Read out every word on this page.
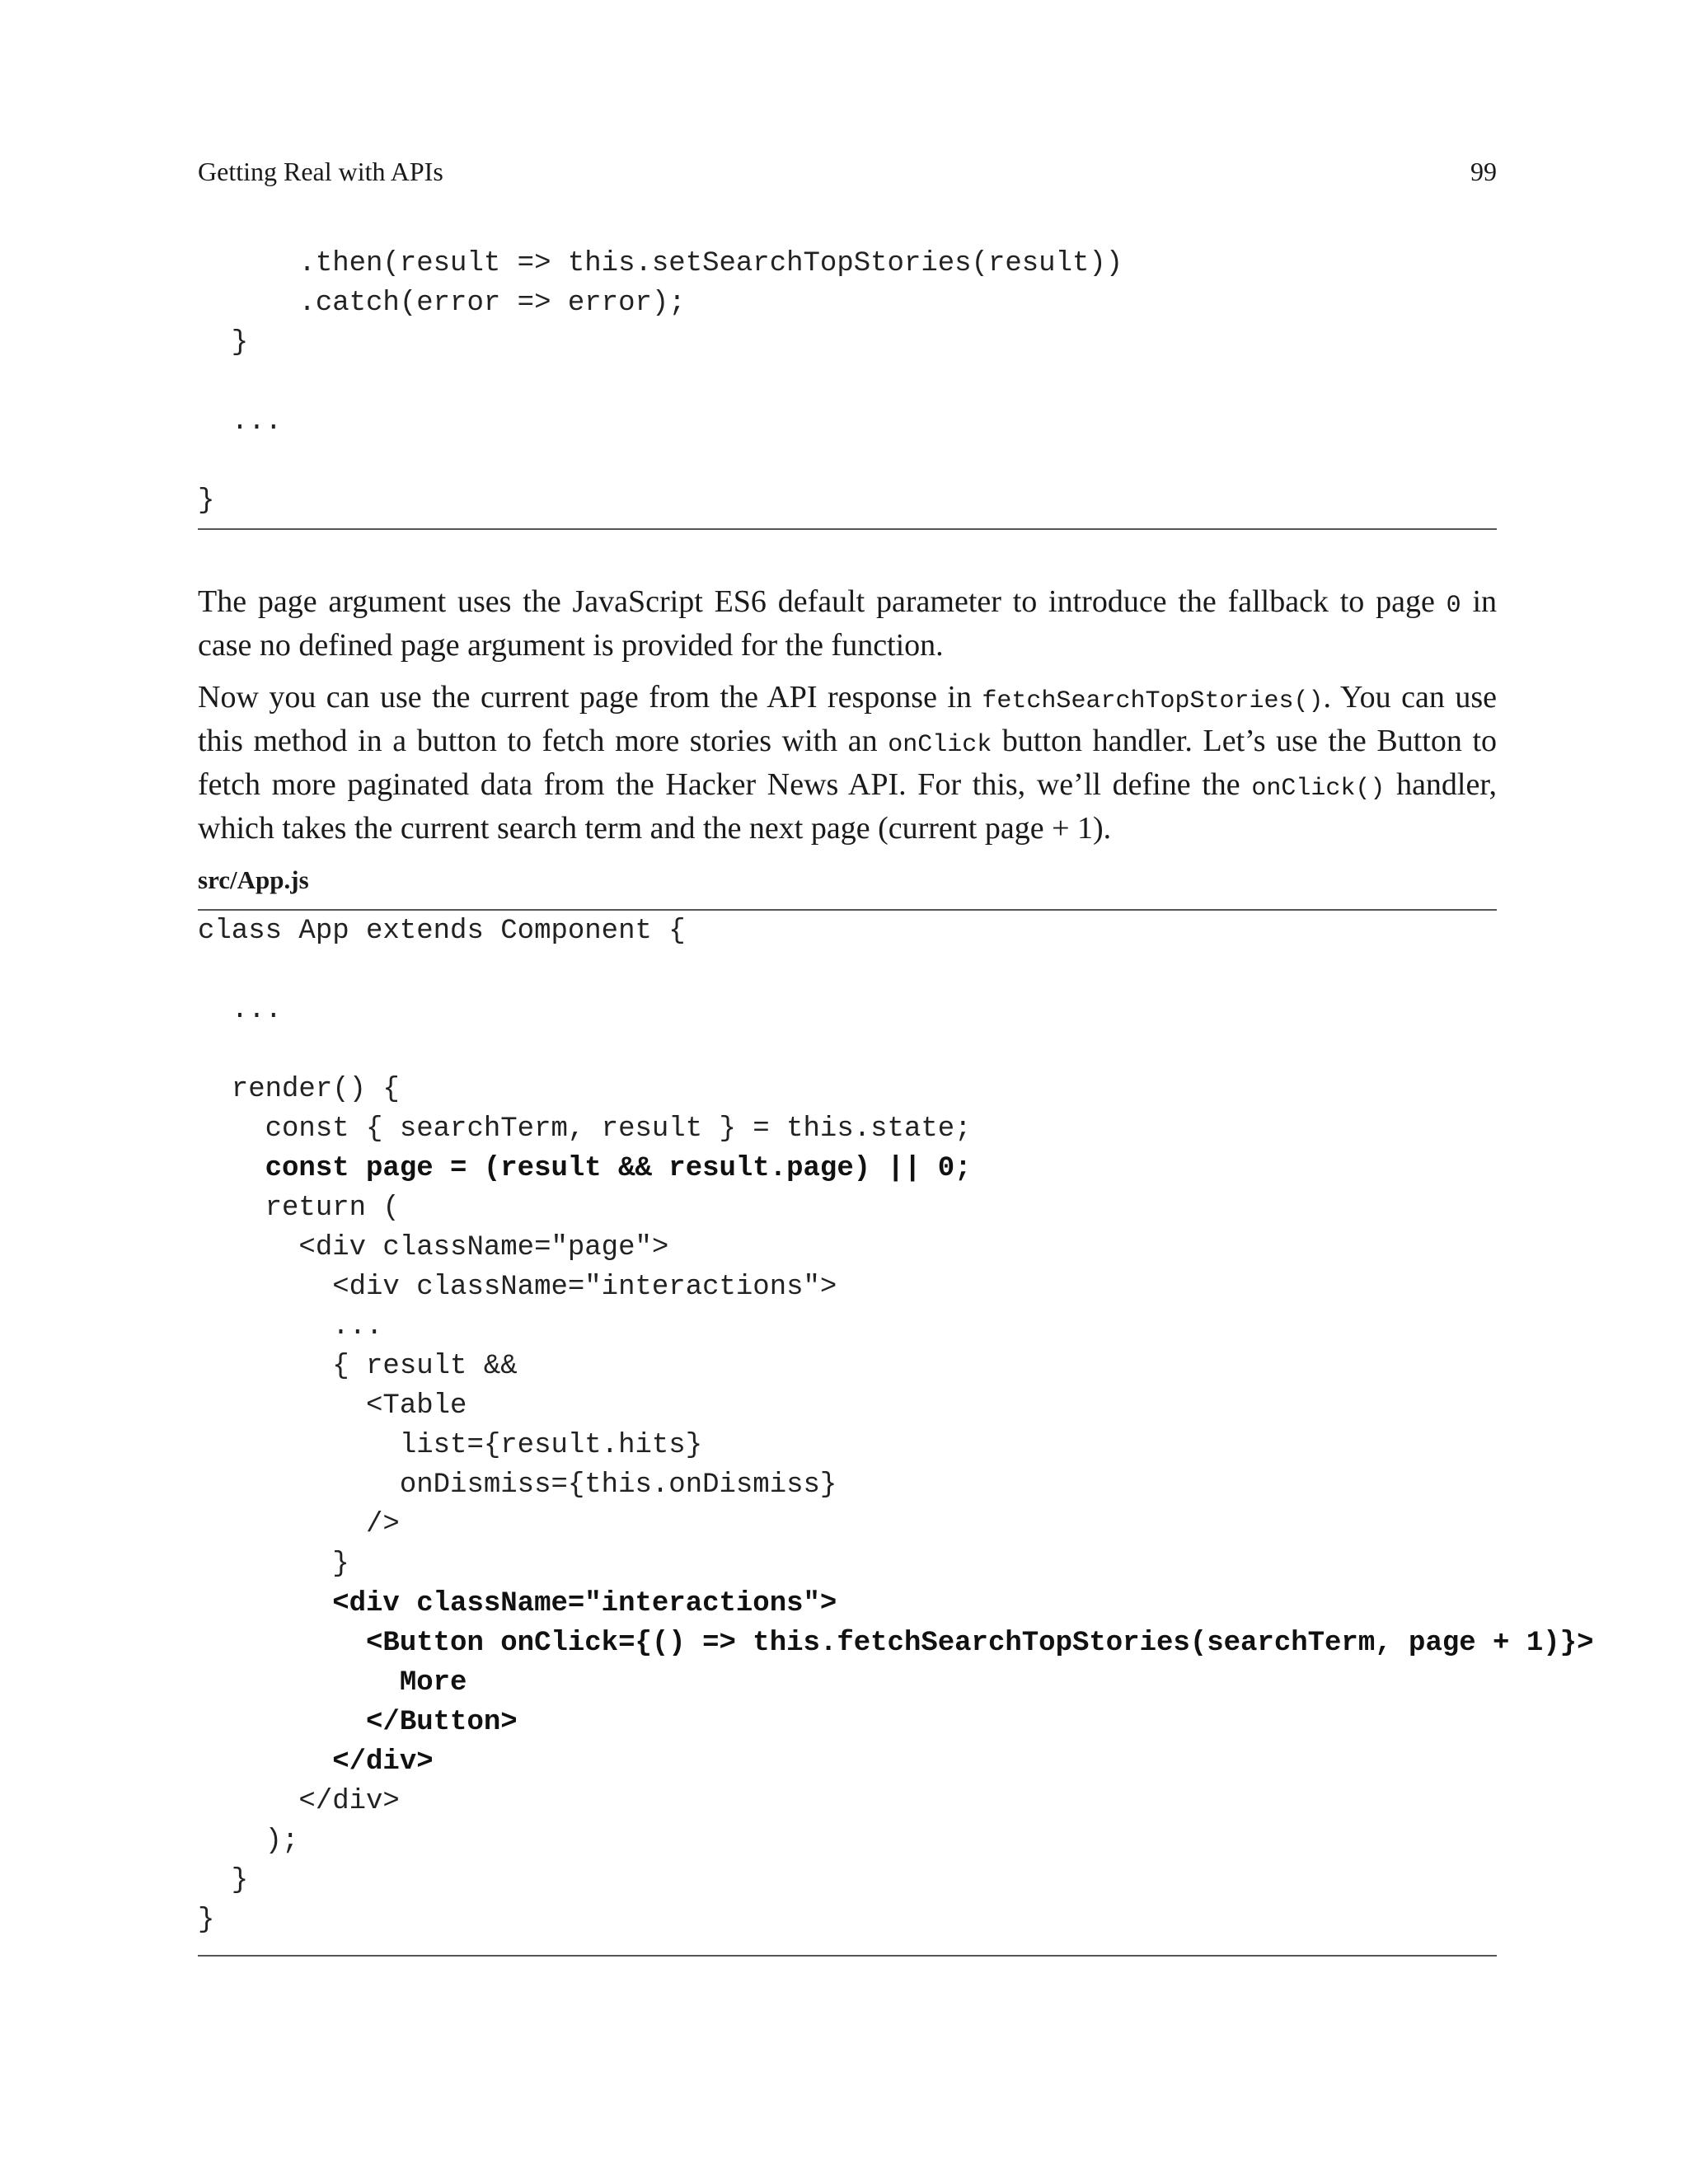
Getting Real with APIs	99
.then(result => this.setSearchTopStories(result))
.catch(error => error);
}
...
}

The page argument uses the JavaScript ES6 default parameter to introduce the fallback to page 0 in case no defined page argument is provided for the function.

Now you can use the current page from the API response in fetchSearchTopStories(). You can use this method in a button to fetch more stories with an onClick button handler. Let’s use the Button to fetch more paginated data from the Hacker News API. For this, we’ll define the onClick() handler, which takes the current search term and the next page (current page + 1).

src/App.js
class App extends Component {
...
render() {
const { searchTerm, result } = this.state;
const page = (result && result.page) || 0;
return (
<div className="page">
<div className="interactions">
...
{ result &&
<Table
list={result.hits}
onDismiss={this.onDismiss}
/>
}
<div className="interactions">
<Button onClick={() => this.fetchSearchTopStories(searchTerm, page + 1)}>
More
</Button>
</div>
</div>
);
}
}
